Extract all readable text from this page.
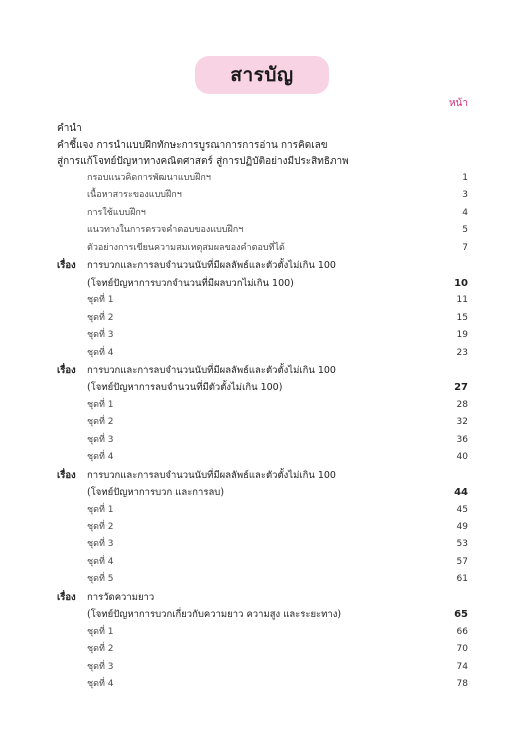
สารบัญ
หน้า
คำนำ
คำชี้แจง การนำแบบฝึกทักษะการบูรณาการการอ่าน การคิดเลข
สู่การแก้โจทย์ปัญหาทางคณิตศาสตร์ สู่การปฏิบัติอย่างมีประสิทธิภาพ
กรอบแนวคิดการพัฒนาแบบฝึกฯ	1
เนื้อหาสาระของแบบฝึกฯ	3
การใช้แบบฝึกฯ	4
แนวทางในการตรวจคำตอบของแบบฝึกฯ	5
ตัวอย่างการเขียนความสมเหตุสมผลของคำตอบที่ได้	7
เรื่อง การบวกและการลบจำนวนนับที่มีผลลัพธ์และตัวตั้งไม่เกิน 100
(โจทย์ปัญหาการบวกจำนวนที่มีผลบวกไม่เกิน 100)	10
ชุดที่ 1	11
ชุดที่ 2	15
ชุดที่ 3	19
ชุดที่ 4	23
เรื่อง การบวกและการลบจำนวนนับที่มีผลลัพธ์และตัวตั้งไม่เกิน 100
(โจทย์ปัญหาการลบจำนวนที่มีตัวตั้งไม่เกิน 100)	27
ชุดที่ 1	28
ชุดที่ 2	32
ชุดที่ 3	36
ชุดที่ 4	40
เรื่อง การบวกและการลบจำนวนนับที่มีผลลัพธ์และตัวตั้งไม่เกิน 100
(โจทย์ปัญหาการบวก และการลบ)	44
ชุดที่ 1	45
ชุดที่ 2	49
ชุดที่ 3	53
ชุดที่ 4	57
ชุดที่ 5	61
เรื่อง การวัดความยาว
(โจทย์ปัญหาการบวกเกี่ยวกับความยาว ความสูง และระยะทาง)	65
ชุดที่ 1	66
ชุดที่ 2	70
ชุดที่ 3	74
ชุดที่ 4	78
